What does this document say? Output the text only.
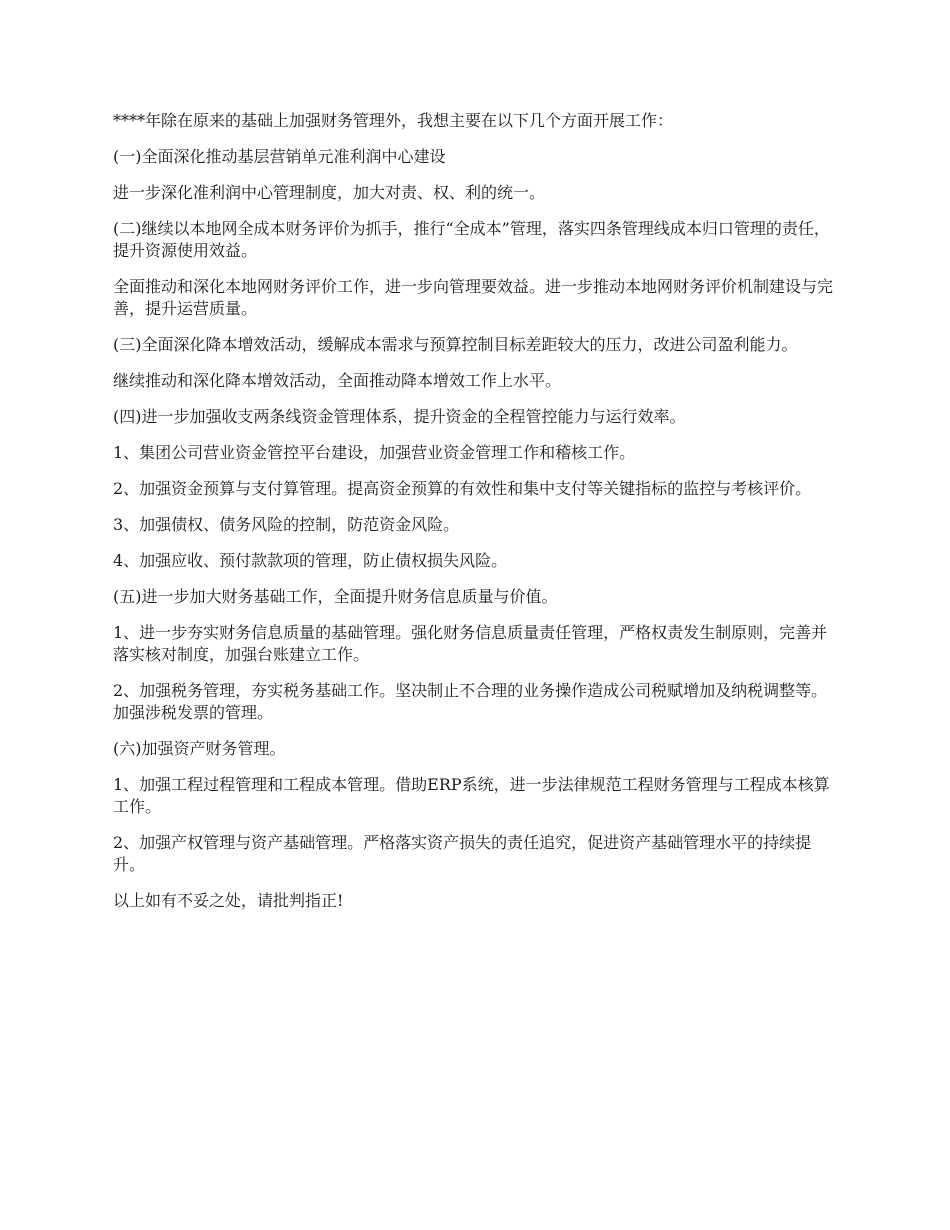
****年除在原来的基础上加强财务管理外，我想主要在以下几个方面开展工作：

(一)全面深化推动基层营销单元准利润中心建设

进一步深化准利润中心管理制度，加大对责、权、利的统一。

(二)继续以本地网全成本财务评价为抓手，推行“全成本”管理，落实四条管理线成本归口管理的责任，提升资源使用效益。

全面推动和深化本地网财务评价工作，进一步向管理要效益。进一步推动本地网财务评价机制建设与完善，提升运营质量。

(三)全面深化降本增效活动，缓解成本需求与预算控制目标差距较大的压力，改进公司盈利能力。

继续推动和深化降本增效活动，全面推动降本增效工作上水平。

(四)进一步加强收支两条线资金管理体系，提升资金的全程管控能力与运行效率。

1、集团公司营业资金管控平台建设，加强营业资金管理工作和稽核工作。

2、加强资金预算与支付算管理。提高资金预算的有效性和集中支付等关键指标的监控与考核评价。

3、加强债权、债务风险的控制，防范资金风险。

4、加强应收、预付款款项的管理，防止债权损失风险。

(五)进一步加大财务基础工作，全面提升财务信息质量与价值。

1、进一步夯实财务信息质量的基础管理。强化财务信息质量责任管理，严格权责发生制原则，完善并落实核对制度，加强台账建立工作。

2、加强税务管理，夯实税务基础工作。坚决制止不合理的业务操作造成公司税赋增加及纳税调整等。加强涉税发票的管理。

(六)加强资产财务管理。

1、加强工程过程管理和工程成本管理。借助ERP系统，进一步法律规范工程财务管理与工程成本核算工作。

2、加强产权管理与资产基础管理。严格落实资产损失的责任追究，促进资产基础管理水平的持续提升。

以上如有不妥之处，请批判指正!
